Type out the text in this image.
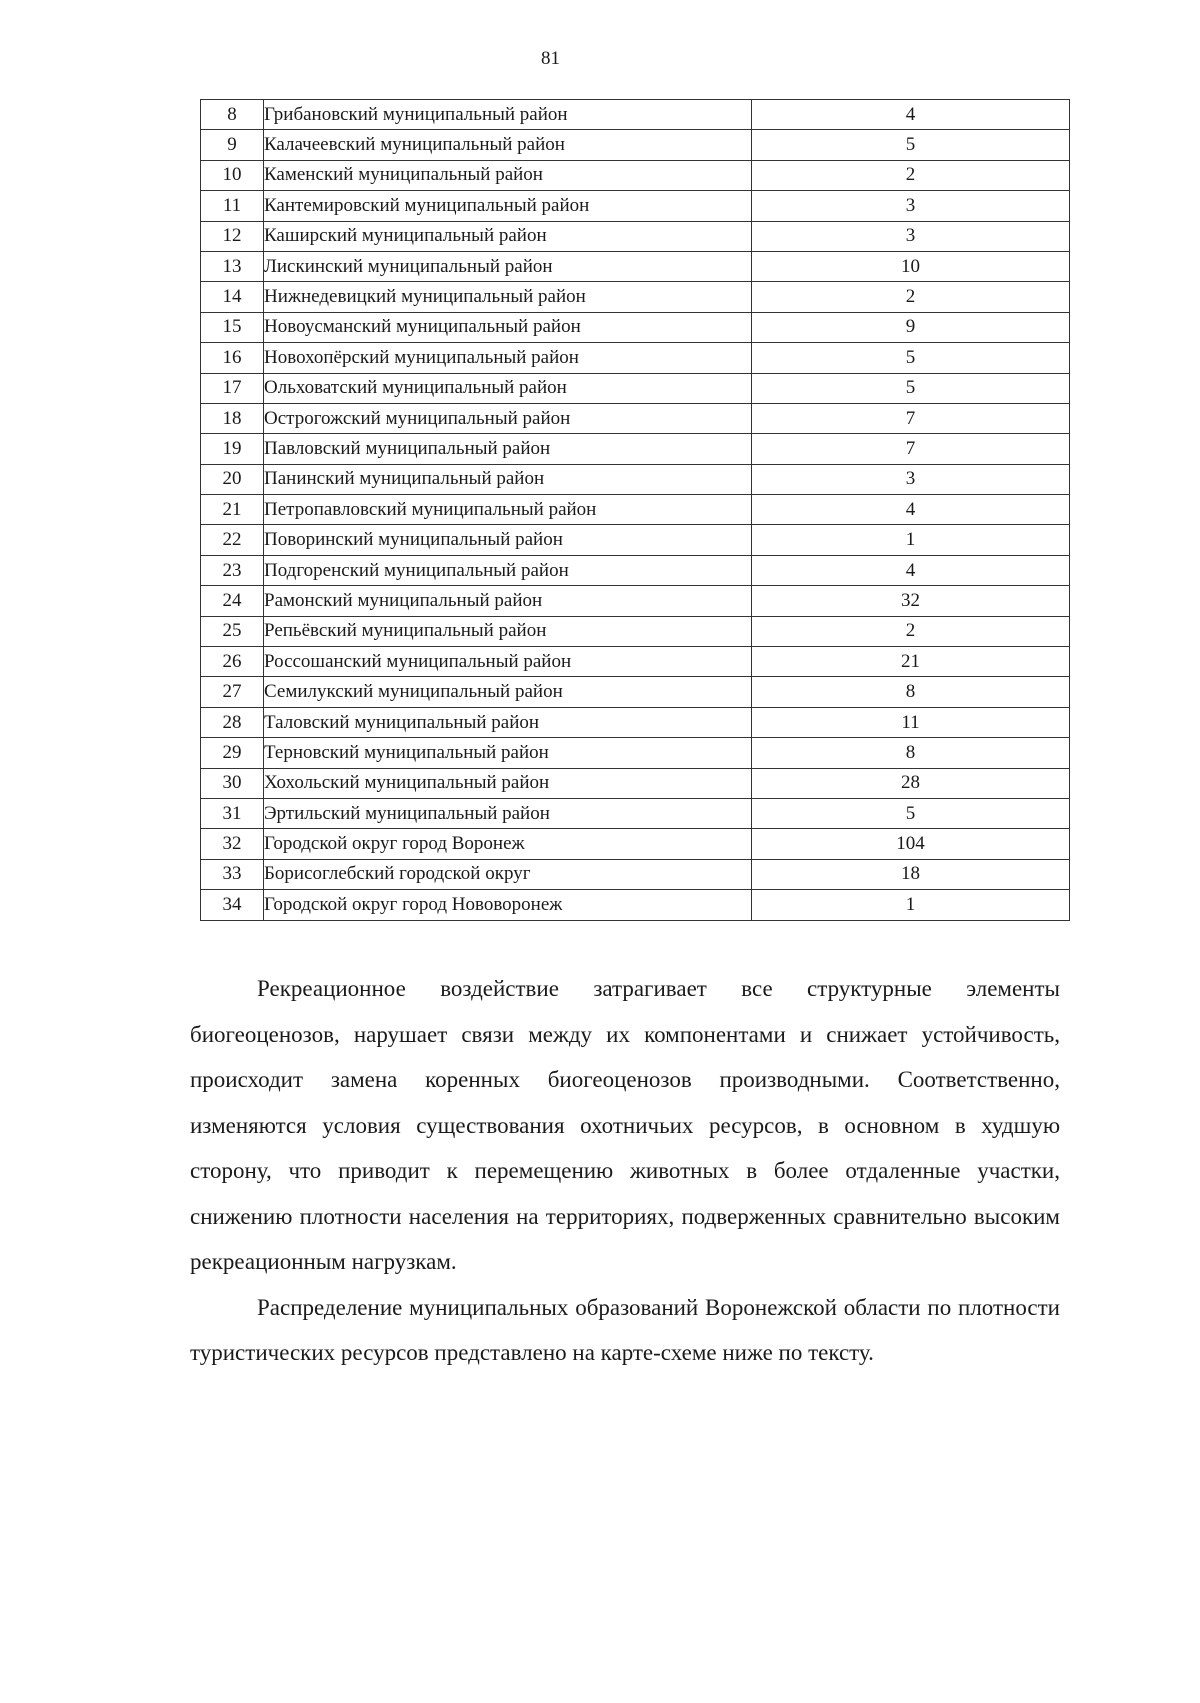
81
8	Грибановский муниципальный район	4
9	Калачеевский муниципальный район	5
10	Каменский муниципальный район	2
11	Кантемировский муниципальный район	3
12	Каширский муниципальный район	3
13	Лискинский муниципальный район	10
14	Нижнедевицкий муниципальный район	2
15	Новоусманский муниципальный район	9
16	Новохопёрский муниципальный район	5
17	Ольховатский муниципальный район	5
18	Острогожский муниципальный район	7
19	Павловский муниципальный район	7
20	Панинский муниципальный район	3
21	Петропавловский муниципальный район	4
22	Поворинский муниципальный район	1
23	Подгоренский муниципальный район	4
24	Рамонский муниципальный район	32
25	Репьёвский муниципальный район	2
26	Россошанский муниципальный район	21
27	Семилукский муниципальный район	8
28	Таловский муниципальный район	11
29	Терновский муниципальный район	8
30	Хохольский муниципальный район	28
31	Эртильский муниципальный район	5
32	Городской округ город Воронеж	104
33	Борисоглебский городской округ	18
34	Городской округ город Нововоронеж	1

Рекреационное воздействие затрагивает все структурные элементы биогеоценозов, нарушает связи между их компонентами и снижает устойчивость, происходит замена коренных биогеоценозов производными. Соответственно, изменяются условия существования охотничьих ресурсов, в основном в худшую сторону, что приводит к перемещению животных в более отдаленные участки, снижению плотности населения на территориях, подверженных сравнительно высоким рекреационным нагрузкам.

Распределение муниципальных образований Воронежской области по плотности туристических ресурсов представлено на карте-схеме ниже по тексту.
